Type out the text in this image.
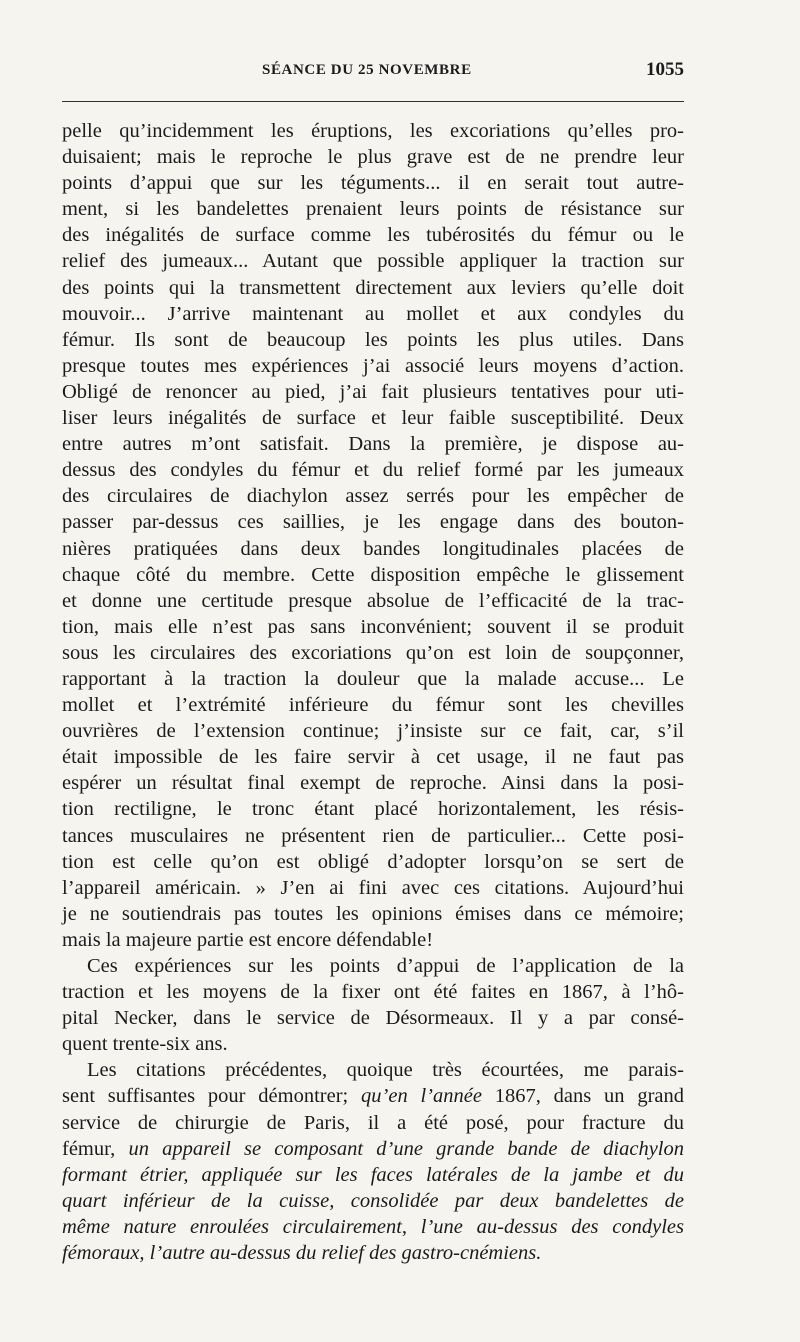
SÉANCE DU 25 NOVEMBRE	1055
pelle qu’incidemment les éruptions, les excoriations qu’elles pro-
duisaient; mais le reproche le plus grave est de ne prendre leur
points d’appui que sur les téguments... il en serait tout autre-
ment, si les bandelettes prenaient leurs points de résistance sur
des inégalités de surface comme les tubérosités du fémur ou le
relief des jumeaux... Autant que possible appliquer la traction sur
des points qui la transmettent directement aux leviers qu’elle doit
mouvoir... J’arrive maintenant au mollet et aux condyles du
fémur. Ils sont de beaucoup les points les plus utiles. Dans
presque toutes mes expériences j’ai associé leurs moyens d’action.
Obligé de renoncer au pied, j’ai fait plusieurs tentatives pour uti-
liser leurs inégalités de surface et leur faible susceptibilité. Deux
entre autres m’ont satisfait. Dans la première, je dispose au-
dessus des condyles du fémur et du relief formé par les jumeaux
des circulaires de diachylon assez serrés pour les empêcher de
passer par-dessus ces saillies, je les engage dans des bouton-
nières pratiquées dans deux bandes longitudinales placées de
chaque côté du membre. Cette disposition empêche le glissement
et donne une certitude presque absolue de l’efficacité de la trac-
tion, mais elle n’est pas sans inconvénient; souvent il se produit
sous les circulaires des excoriations qu’on est loin de soupçonner,
rapportant à la traction la douleur que la malade accuse... Le
mollet et l’extrémité inférieure du fémur sont les chevilles
ouvrières de l’extension continue; j’insiste sur ce fait, car, s’il
était impossible de les faire servir à cet usage, il ne faut pas
espérer un résultat final exempt de reproche. Ainsi dans la posi-
tion rectiligne, le tronc étant placé horizontalement, les résis-
tances musculaires ne présentent rien de particulier... Cette posi-
tion est celle qu’on est obligé d’adopter lorsqu’on se sert de
l’appareil américain. » J’en ai fini avec ces citations. Aujourd’hui
je ne soutiendrais pas toutes les opinions émises dans ce mémoire;
mais la majeure partie est encore défendable!
Ces expériences sur les points d’appui de l’application de la
traction et les moyens de la fixer ont été faites en 1867, à l’hô-
pital Necker, dans le service de Désormeaux. Il y a par consé-
quent trente-six ans.
Les citations précédentes, quoique très écourtées, me parais-
sent suffisantes pour démontrer; qu’en l’année 1867, dans un grand
service de chirurgie de Paris, il a été posé, pour fracture du
fémur, un appareil se composant d’une grande bande de diachylon
formant étrier, appliquée sur les faces latérales de la jambe et du
quart inférieur de la cuisse, consolidée par deux bandelettes de
même nature enroulées circulairement, l’une au-dessus des condyles
fémoraux, l’autre au-dessus du relief des gastro-cnémiens.
